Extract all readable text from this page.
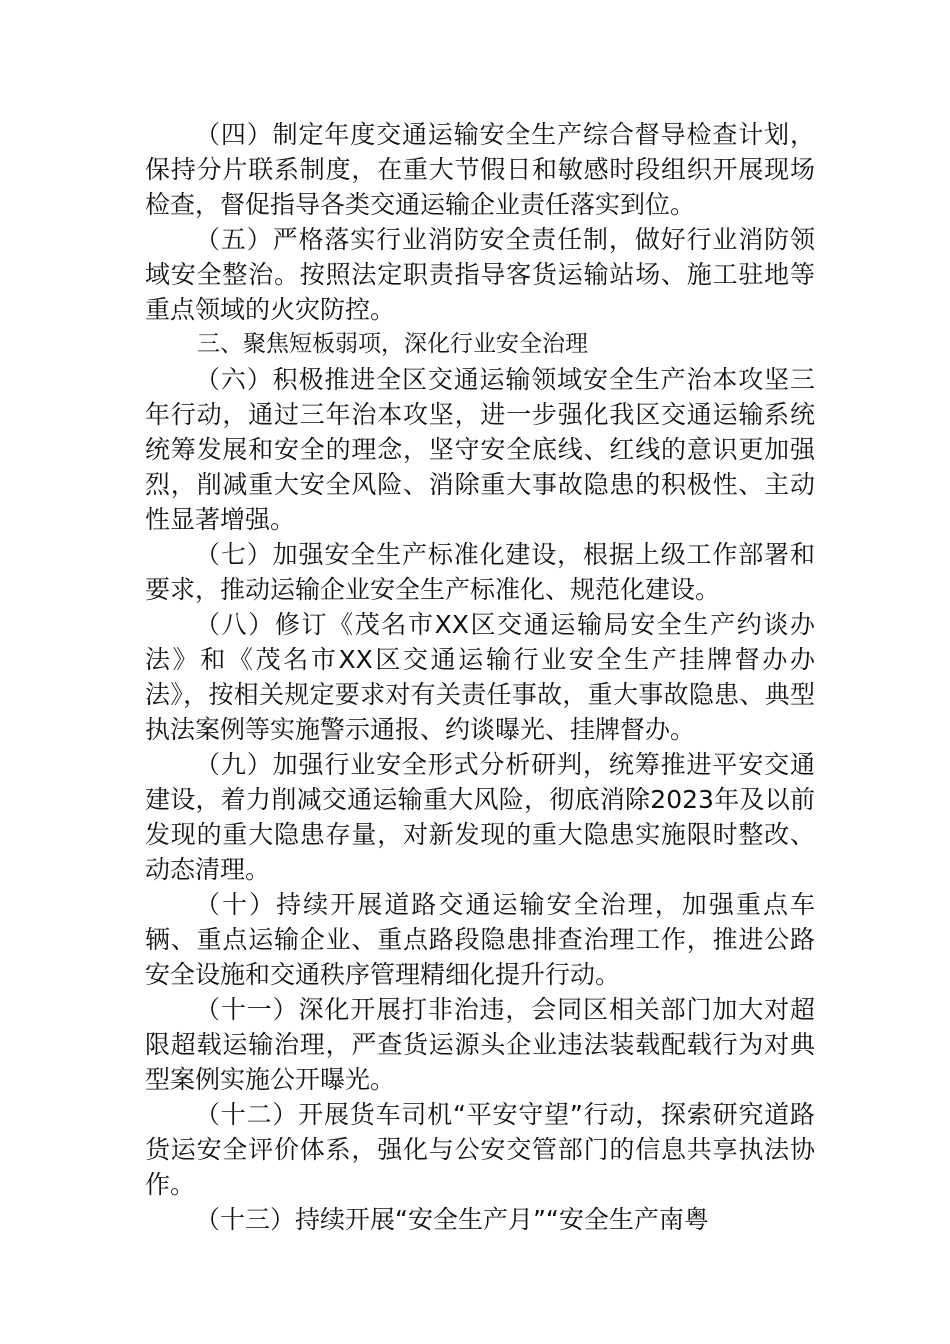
（四）制定年度交通运输安全生产综合督导检查计划，保持分片联系制度，在重大节假日和敏感时段组织开展现场检查，督促指导各类交通运输企业责任落实到位。

（五）严格落实行业消防安全责任制，做好行业消防领域安全整治。按照法定职责指导客货运输站场、施工驻地等重点领域的火灾防控。

三、聚焦短板弱项，深化行业安全治理

（六）积极推进全区交通运输领域安全生产治本攻坚三年行动，通过三年治本攻坚，进一步强化我区交通运输系统统筹发展和安全的理念，坚守安全底线、红线的意识更加强烈，削减重大安全风险、消除重大事故隐患的积极性、主动性显著增强。

（七）加强安全生产标准化建设，根据上级工作部署和要求，推动运输企业安全生产标准化、规范化建设。

（八）修订《茂名市XX区交通运输局安全生产约谈办法》和《茂名市XX区交通运输行业安全生产挂牌督办办法》，按相关规定要求对有关责任事故，重大事故隐患、典型执法案例等实施警示通报、约谈曝光、挂牌督办。

（九）加强行业安全形式分析研判，统筹推进平安交通建设，着力削减交通运输重大风险，彻底消除2023年及以前发现的重大隐患存量，对新发现的重大隐患实施限时整改、动态清理。

（十）持续开展道路交通运输安全治理，加强重点车辆、重点运输企业、重点路段隐患排查治理工作，推进公路安全设施和交通秩序管理精细化提升行动。

（十一）深化开展打非治违，会同区相关部门加大对超限超载运输治理，严查货运源头企业违法装载配载行为对典型案例实施公开曝光。

（十二）开展货车司机“平安守望”行动，探索研究道路货运安全评价体系，强化与公安交管部门的信息共享执法协作。

（十三）持续开展“安全生产月”“安全生产南粤
